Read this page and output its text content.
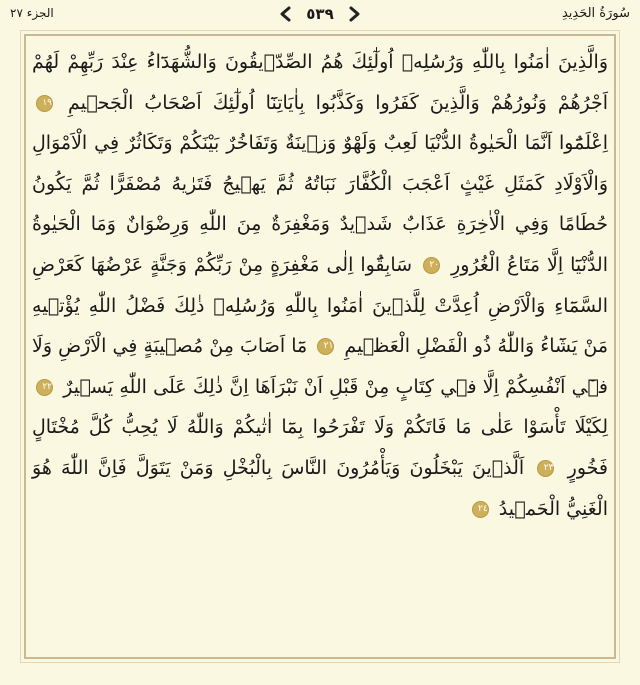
الجزء ٢٧	٥٣٩	سُورَةُ الحَدِيدِ
وَالَّذِينَ اٰمَنُوا بِاللّٰهِ وَرُسُلِهٖ اُولٰٓئِكَ هُمُ الصِّدّ۪يقُونَ وَالشُّهَدَٓاءُ عِنْدَ رَبِّهِمْ لَهُمْ اَجْرُهُمْ وَنُورُهُمْ وَالَّذِينَ كَفَرُوا وَكَذَّبُوا بِاٰيَاتِنَٓا اُولٰٓئِكَ اَصْحَابُ الْجَح۪يمِ ١٩ اِعْلَمُٓوا اَنَّمَا الْحَيٰوةُ الدُّنْيَا لَعِبٌ وَلَهْوٌ وَز۪ينَةٌ وَتَفَاخُرٌ بَيْنَكُمْ وَتَكَاثُرٌ فِي الْاَمْوَالِ وَالْاَوْلَادِ كَمَثَلِ غَيْثٍ اَعْجَبَ الْكُفَّارَ نَبَاتُهُ ثُمَّ يَه۪يجُ فَتَرٰيهُ مُصْفَرًّا ثُمَّ يَكُونُ حُطَامًا وَفِي الْاٰخِرَةِ عَذَابٌ شَد۪يدٌ وَمَغْفِرَةٌ مِنَ اللّٰهِ وَرِضْوَانٌ وَمَا الْحَيٰوةُ الدُّنْيَٓا اِلَّا مَتَاعُ الْغُرُورِ ٢٠ سَابِقُٓوا اِلٰى مَغْفِرَةٍ مِنْ رَبِّكُمْ وَجَنَّةٍ عَرْضُهَا كَعَرْضِ السَّمَٓاءِ وَالْاَرْضِ اُعِدَّتْ لِلَّذ۪ينَ اٰمَنُوا بِاللّٰهِ وَرُسُلِهٖ ذٰلِكَ فَضْلُ اللّٰهِ يُؤْت۪يهِ مَنْ يَشَٓاءُ وَاللّٰهُ ذُو الْفَضْلِ الْعَظ۪يمِ ٢١ مَٓا اَصَابَ مِنْ مُص۪يبَةٍ فِي الْاَرْضِ وَلَا ف۪ٓي اَنْفُسِكُمْ اِلَّا ف۪ي كِتَابٍ مِنْ قَبْلِ اَنْ نَبْرَاَهَا اِنَّ ذٰلِكَ عَلَى اللّٰهِ يَس۪يرٌ ٢٢ لِكَيْلَا تَأْسَوْا عَلٰى مَا فَاتَكُمْ وَلَا تَفْرَحُوا بِمَٓا اٰتٰيكُمْ وَاللّٰهُ لَا يُحِبُّ كُلَّ مُخْتَالٍ فَخُورٍ ٢٣ اَلَّذ۪ينَ يَبْخَلُونَ وَيَأْمُرُونَ النَّاسَ بِالْبُخْلِ وَمَنْ يَتَوَلَّ فَاِنَّ اللّٰهَ هُوَ الْغَنِيُّ الْحَم۪يدُ ٢٤
